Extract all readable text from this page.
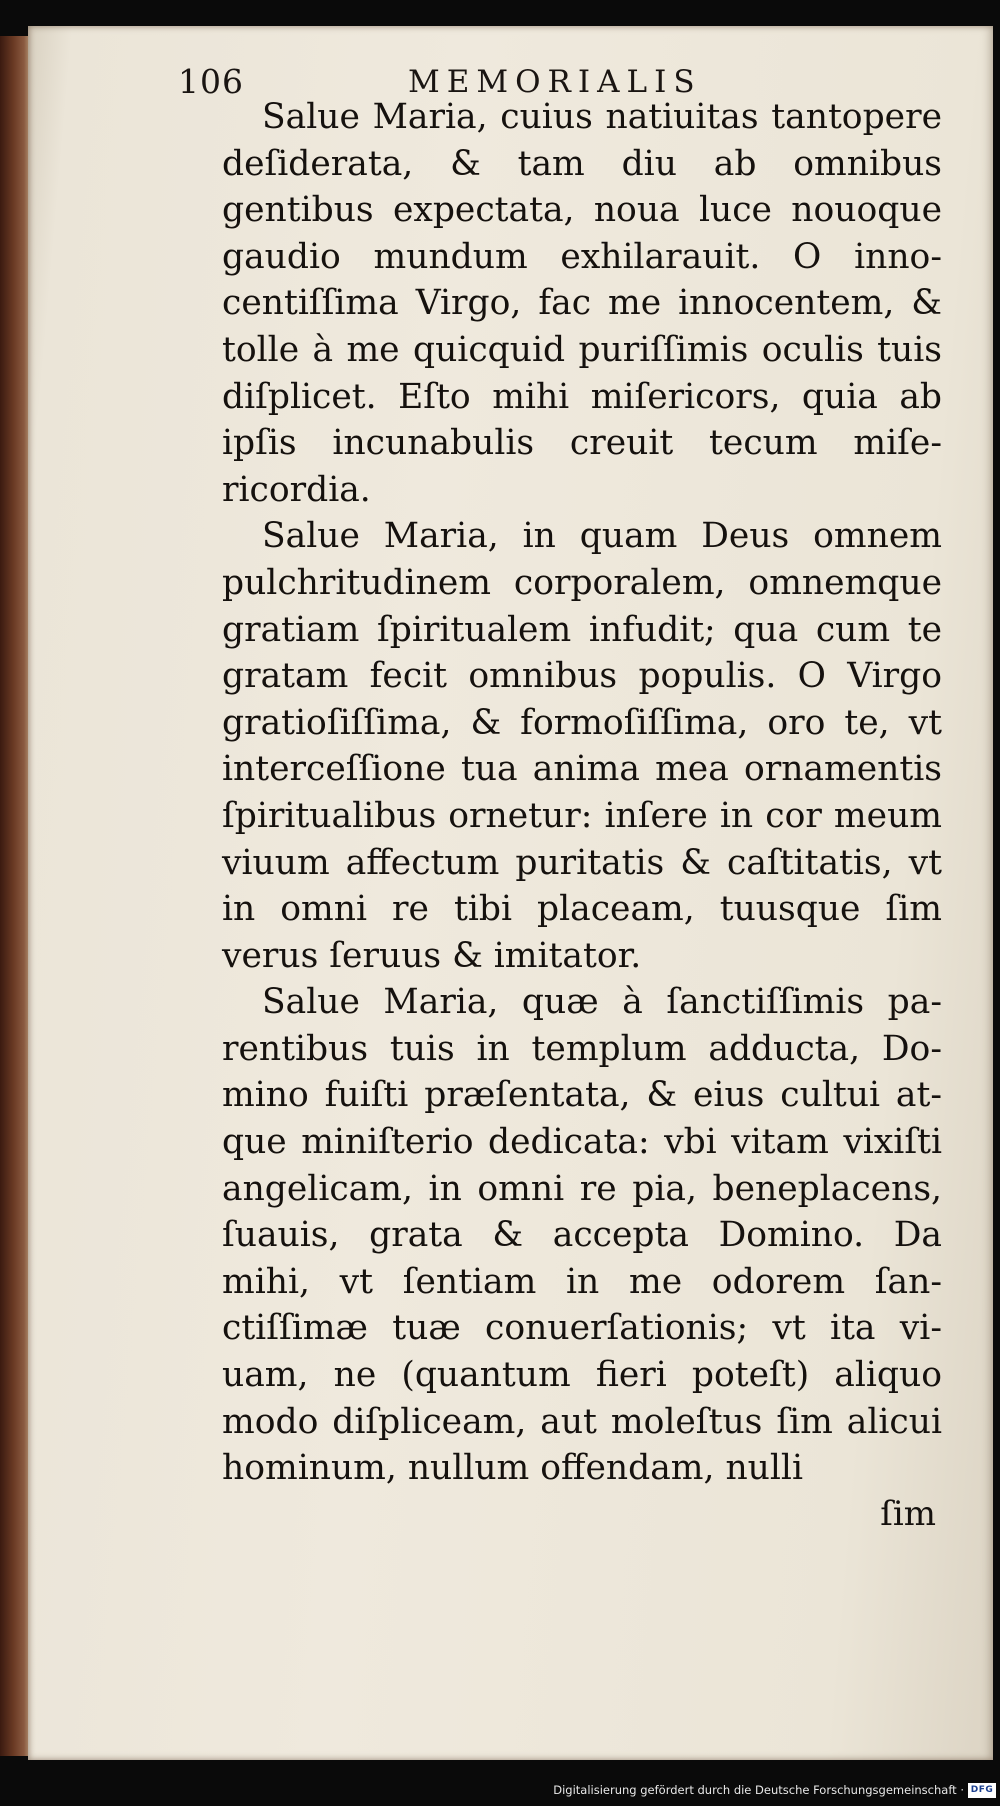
106	MEMORIALIS

Salue Maria, cuius natiuitas tantopere deſiderata, & tam diu ab omnibus gentibus expectata, noua luce nouoque gaudio mundum exhilarauit. O innocentiſſima Virgo, fac me innocentem, & tolle à me quicquid puriſſimis oculis tuis diſplicet. Eſto mihi miſericors, quia ab ipſis incunabulis creuit tecum miſericordia.

Salue Maria, in quam Deus omnem pulchritudinem corporalem, omnemque gratiam ſpiritualem infudit; qua cum te gratam fecit omnibus populis. O Virgo gratioſiſſima, & formoſiſſima, oro te, vt interceſſione tua anima mea ornamentis ſpiritualibus ornetur: inſere in cor meum viuum affectum puritatis & caſtitatis, vt in omni re tibi placeam, tuusque ſim verus ſeruus & imitator.

Salue Maria, quæ à ſanctiſſimis parentibus tuis in templum adducta, Domino fuiſti præſentata, & eius cultui atque miniſterio dedicata: vbi vitam vixiſti angelicam, in omni re pia, beneplacens, ſuauis, grata & accepta Domino. Da mihi, vt ſentiam in me odorem ſanctiſſimæ tuæ conuerſationis; vt ita viuam, ne (quantum fieri poteſt) aliquo modo diſpliceam, aut moleſtus ſim alicui hominum, nullum offendam, nulli

ſim

Digitalisierung gefördert durch die Deutsche Forschungsgemeinschaft · DFG
